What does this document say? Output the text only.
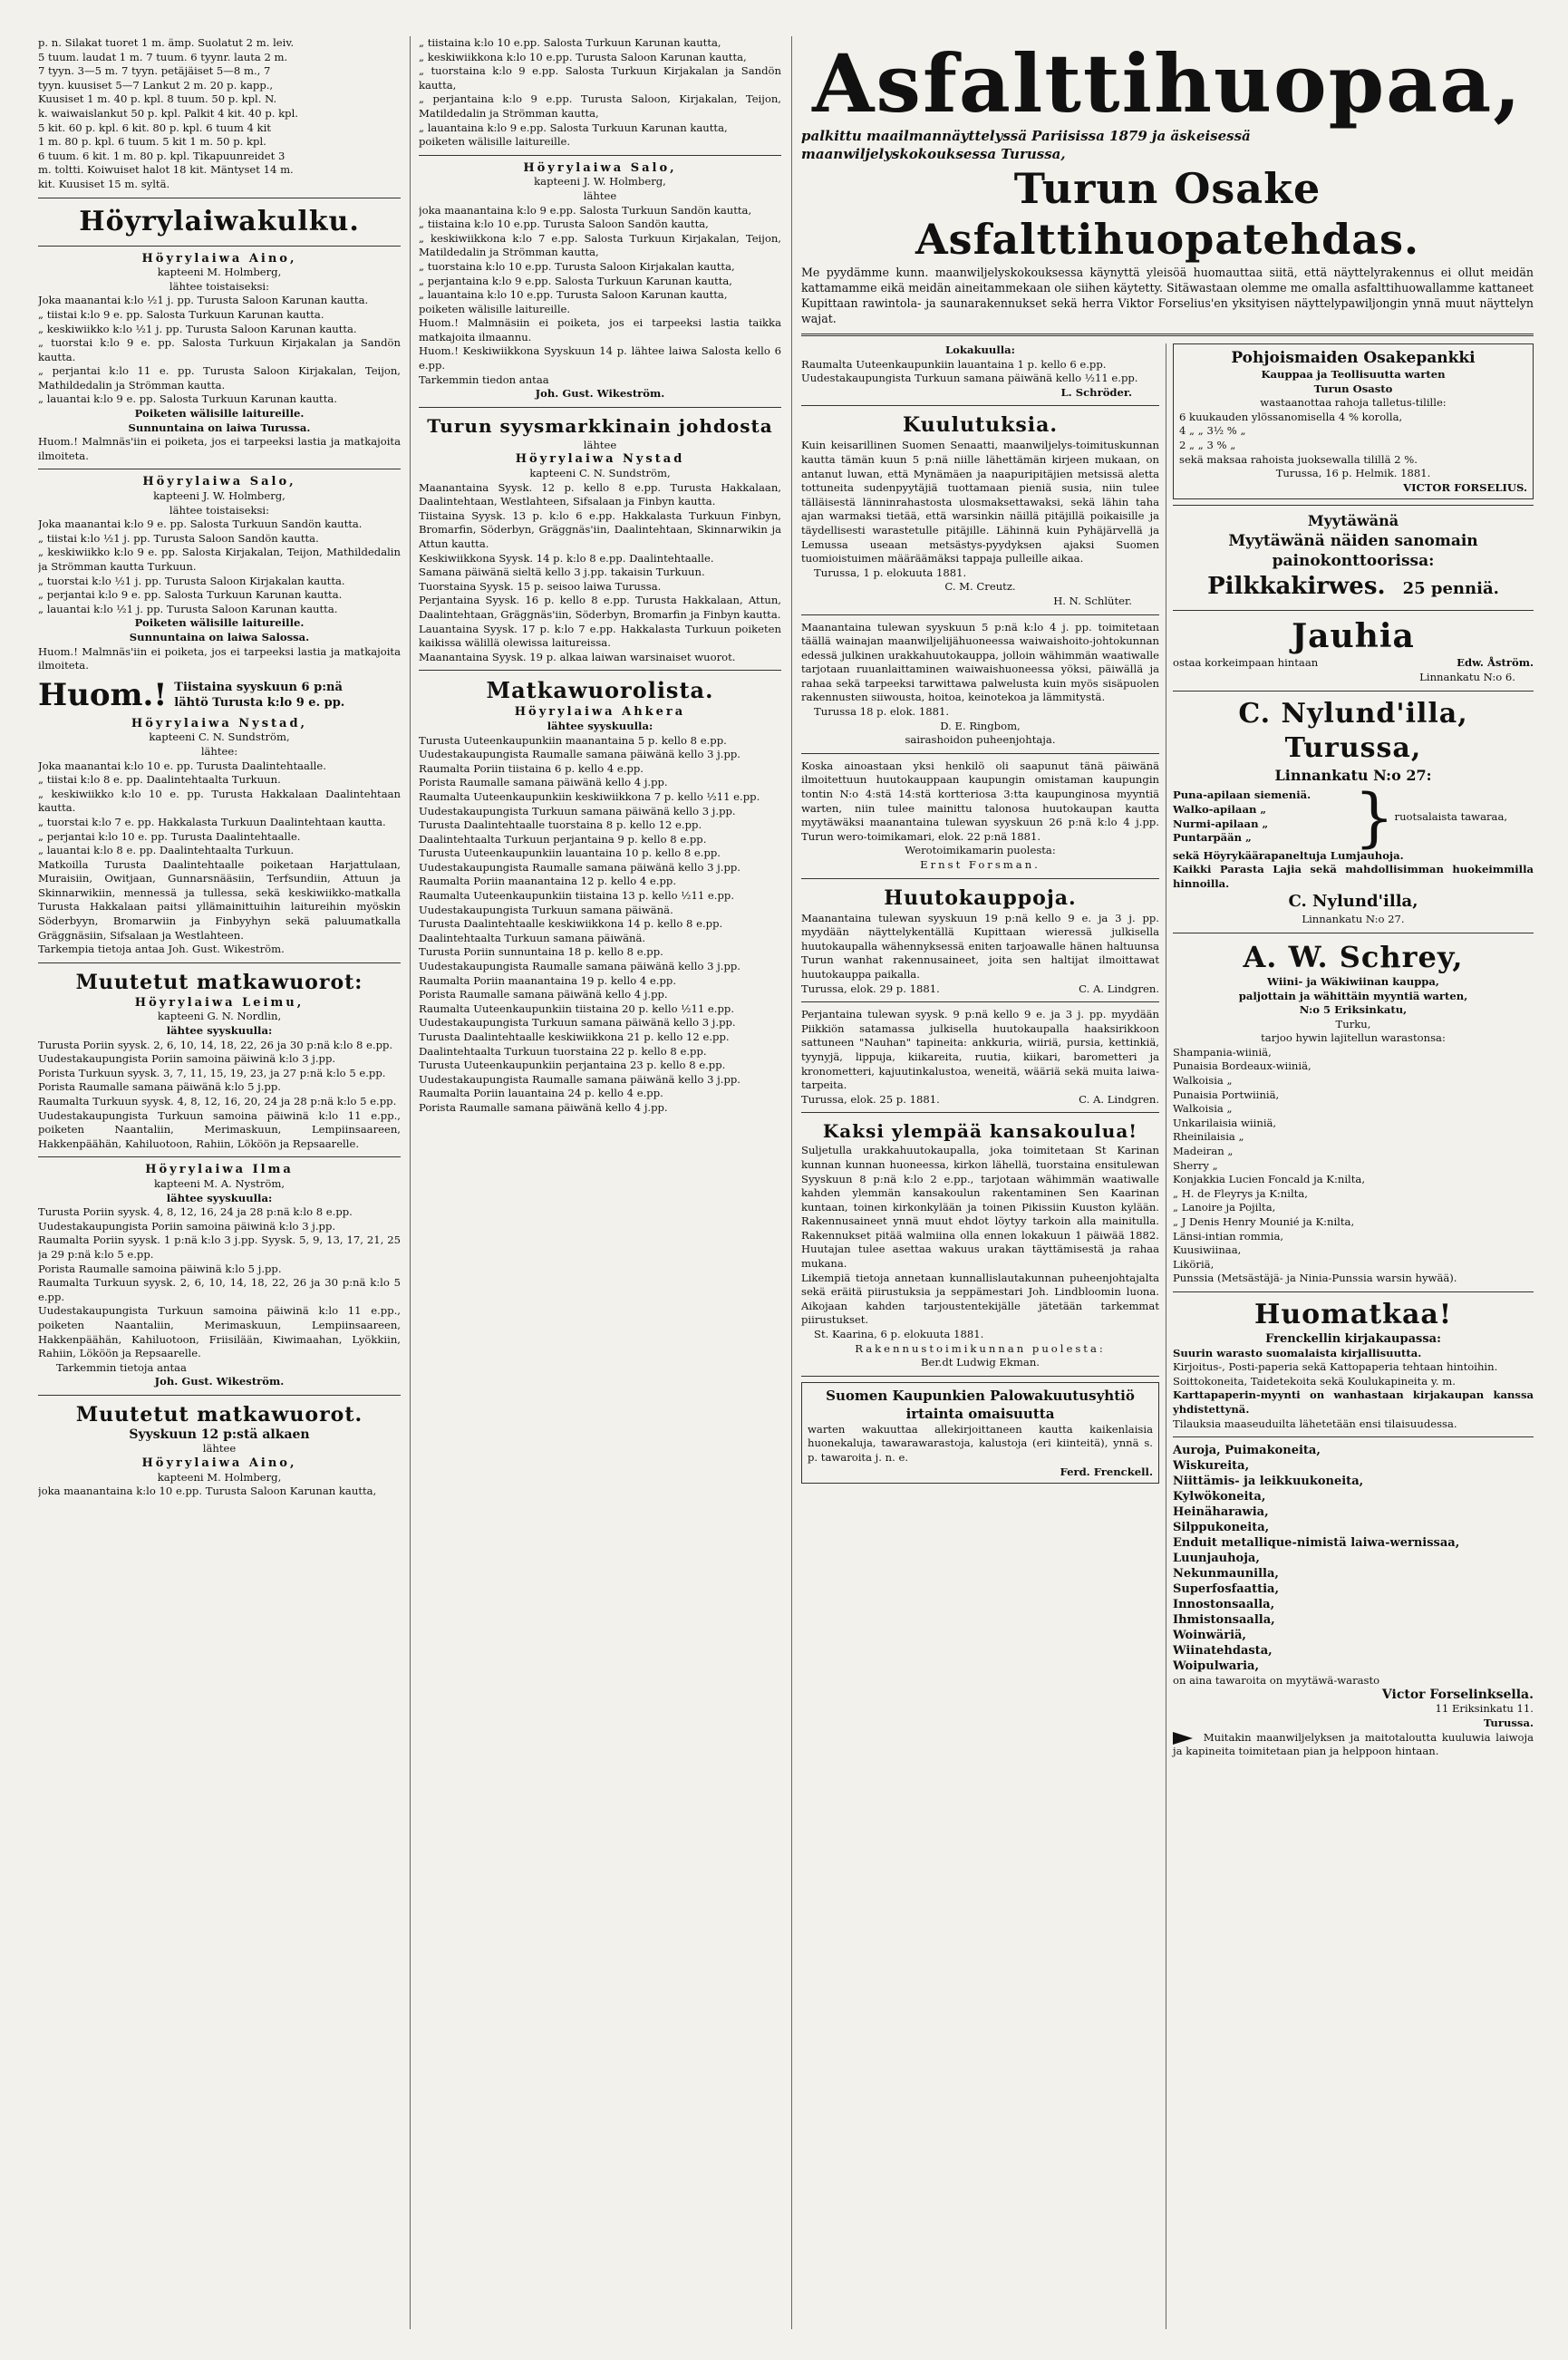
p. n. Silakat tuoret 1 m. ämp. Suolatut 2 m. leiv.
5 tuum. laudat 1 m. 7 tuum. 6 tyynr. lauta 2 m.
7 tyyn. 3—5 m. 7 tyyn. petäjäiset 5—8 m., 7
tyyn. kuusiset 5—7 Lankut 2 m. 20 p. kapp.,
Kuusiset 1 m. 40 p. kpl. 8 tuum. 50 p. kpl. N.
k. waiwaislankut 50 p. kpl. Palkit 4 kit. 40 p. kpl.
5 kit. 60 p. kpl. 6 kit. 80 p. kpl. 6 tuum 4 kit
1 m. 80 p. kpl. 6 tuum. 5 kit 1 m. 50 p. kpl.
6 tuum. 6 kit. 1 m. 80 p. kpl. Tikapuunreidet 3
m. toltti. Koiwuiset halot 18 kit. Mäntyset 14 m.
kit. Kuusiset 15 m. syltä.
Höyrylaiwakulku.
Höyrylaiwa Aino,
kapteeni M. Holmberg,
lähtee toistaiseksi:
Joka maanantai k:lo ½1 j. pp. Turusta Saloon Karunan kautta.
„ tiistai k:lo 9 e. pp. Salosta Turkuun Karunan kautta.
„ keskiwiikko k:lo ½1 j. pp. Turusta Saloon Karunan kautta.
„ tuorstai k:lo 9 e. pp. Salosta Turkuun Kirjakalan ja Sandön kautta.
„ perjantai k:lo 11 e. pp. Turusta Saloon Kirjakalan, Teijon, Mathildedalin ja Strömman kautta.
„ lauantai k:lo 9 e. pp. Salosta Turkuun Karunan kautta.
Poiketen wälisille laitureille.
Sunnuntaina on laiwa Turussa.
Huom.! Malmnäs'iin ei poiketa, jos ei tarpeeksi lastia ja matkajoita ilmoiteta.
Höyrylaiwa Salo,
kapteeni J. W. Holmberg,
lähtee toistaiseksi:
Joka maanantai k:lo 9 e. pp. Salosta Turkuun Sandön kautta.
„ tiistai k:lo ½1 j. pp. Turusta Saloon Sandön kautta.
„ keskiwiikko k:lo 9 e. pp. Salosta Kirjakalan, Teijon, Mathildedalin ja Strömman kautta Turkuun.
„ tuorstai k:lo ½1 j. pp. Turusta Saloon Kirjakalan kautta.
„ perjantai k:lo 9 e. pp. Salosta Turkuun Karunan kautta.
„ lauantai k:lo ½1 j. pp. Turusta Saloon Karunan kautta.
Poiketen wälisille laitureille.
Sunnuntaina on laiwa Salossa.
Huom.! Malmnäs'iin ei poiketa, jos ei tarpeeksi lastia ja matkajoita ilmoiteta.
Huom.! Tiistaina syyskuun 6 p:nä
lähtö Turusta k:lo 9 e. pp.
Höyrylaiwa Nystad,
kapteeni C. N. Sundström,
lähtee:
Joka maanantai k:lo 10 e. pp. Turusta Daalintehtaalle.
„ tiistai k:lo 8 e. pp. Daalintehtaalta Turkuun.
„ keskiwiikko k:lo 10 e. pp. Turusta Hakkalaan Daalintehtaan kautta.
„ tuorstai k:lo 7 e. pp. Hakkalasta Turkuun Daalintehtaan kautta.
„ perjantai k:lo 10 e. pp. Turusta Daalintehtaalle.
„ lauantai k:lo 8 e. pp. Daalintehtaalta Turkuun.
Matkoilla Turusta Daalintehtaalle poiketaan Harjattulaan, Muraisiin, Owitjaan, Gunnarsnääsiin, Terfsundiin, Attuun ja Skinnarwikiin, mennessä ja tullessa, sekä keskiwiikko-matkalla Turusta Hakkalaan paitsi yllämainittuihin laitureihin myöskin Söderbyyn, Bromarwiin ja Finbyyhyn sekä paluumatkalla Gräggnäsiin, Sifsalaan ja Westlahteen.
Tarkempia tietoja antaa Joh. Gust. Wikeström.
Muutetut matkawuorot:
Höyrylaiwa Leimu,
kapteeni G. N. Nordlin,
lähtee syyskuulla:
Turusta Poriin syysk. 2, 6, 10, 14, 18, 22, 26 ja 30 p:nä k:lo 8 e.pp.
Uudestakaupungista Poriin samoina päiwinä k:lo 3 j.pp.
Porista Turkuun syysk. 3, 7, 11, 15, 19, 23, ja 27 p:nä k:lo 5 e.pp.
Porista Raumalle samana päiwänä k:lo 5 j.pp.
Raumalta Turkuun syysk. 4, 8, 12, 16, 20, 24 ja 28 p:nä k:lo 5 e.pp.
Uudestakaupungista Turkuun samoina päiwinä k:lo 11 e.pp., poiketen Naantaliin, Merimaskuun, Lempiinsaareen, Hakkenpäähän, Kahiluotoon, Rahiin, Lököön ja Repsaarelle.
Höyrylaiwa Ilma
kapteeni M. A. Nyström,
lähtee syyskuulla:
Turusta Poriin syysk. 4, 8, 12, 16, 24 ja 28 p:nä k:lo 8 e.pp.
Uudestakaupungista Poriin samoina päiwinä k:lo 3 j.pp.
Raumalta Poriin syysk. 1 p:nä k:lo 3 j.pp. Syysk. 5, 9, 13, 17, 21, 25 ja 29 p:nä k:lo 5 e.pp.
Porista Raumalle samoina päiwinä k:lo 5 j.pp.
Raumalta Turkuun syysk. 2, 6, 10, 14, 18, 22, 26 ja 30 p:nä k:lo 5 e.pp.
Uudestakaupungista Turkuun samoina päiwinä k:lo 11 e.pp., poiketen Naantaliin, Merimaskuun, Lempiinsaareen, Hakkenpäähän, Kahiluotoon, Friisilään, Kiwimaahan, Lyökkiin, Rahiin, Lököön ja Repsaarelle.
Tarkemmin tietoja antaa
Joh. Gust. Wikeström.
Muutetut matkawuorot.
Syyskuun 12 p:stä alkaen
lähtee
Höyrylaiwa Aino,
kapteeni M. Holmberg,
joka maanantaina k:lo 10 e.pp. Turusta Saloon Karunan kautta,
„ tiistaina k:lo 10 e.pp. Salosta Turkuun Karunan kautta,
„ keskiwiikkona k:lo 10 e.pp. Turusta Saloon Karunan kautta,
„ tuorstaina k:lo 9 e.pp. Salosta Turkuun Kirjakalan ja Sandön kautta,
„ perjantaina k:lo 9 e.pp. Turusta Saloon, Kirjakalan, Teijon, Matildedalin ja Strömman kautta,
„ lauantaina k:lo 9 e.pp. Salosta Turkuun Karunan kautta,
poiketen wälisille laitureille.
Höyrylaiwa Salo,
kapteeni J. W. Holmberg,
lähtee
joka maanantaina k:lo 9 e.pp. Salosta Turkuun Sandön kautta,
„ tiistaina k:lo 10 e.pp. Turusta Saloon Sandön kautta,
„ keskiwiikkona k:lo 7 e.pp. Salosta Turkuun Kirjakalan, Teijon, Matildedalin ja Strömman kautta,
„ tuorstaina k:lo 10 e.pp. Turusta Saloon Kirjakalan kautta,
„ perjantaina k:lo 9 e.pp. Salosta Turkuun Karunan kautta,
„ lauantaina k:lo 10 e.pp. Turusta Saloon Karunan kautta,
poiketen wälisille laitureille.
Huom.! Malmnäsiin ei poiketa, jos ei tarpeeksi lastia taikka matkajoita ilmaannu.
Huom.! Keskiwiikkona Syyskuun 14 p. lähtee laiwa Salosta kello 6 e.pp.
Tarkemmin tiedon antaa
Joh. Gust. Wikeström.
Turun syysmarkkinain johdosta
lähtee
Höyrylaiwa Nystad
kapteeni C. N. Sundström,
Maanantaina Syysk. 12 p. kello 8 e.pp. Turusta Hakkalaan, Daalintehtaan, Westlahteen, Sifsalaan ja Finbyn kautta.
Tiistaina Syysk. 13 p. k:lo 6 e.pp. Hakkalasta Turkuun Finbyn, Bromarfin, Söderbyn, Gräggnäs'iin, Daalintehtaan, Skinnarwikin ja Attun kautta.
Keskiwiikkona Syysk. 14 p. k:lo 8 e.pp. Daalintehtaalle.
Samana päiwänä sieltä kello 3 j.pp. takaisin Turkuun.
Tuorstaina Syysk. 15 p. seisoo laiwa Turussa.
Perjantaina Syysk. 16 p. kello 8 e.pp. Turusta Hakkalaan, Attun, Daalintehtaan, Gräggnäs'iin, Söderbyn, Bromarfin ja Finbyn kautta.
Lauantaina Syysk. 17 p. k:lo 7 e.pp. Hakkalasta Turkuun poiketen kaikissa wälillä olewissa laitureissa.
Maanantaina Syysk. 19 p. alkaa laiwan warsinaiset wuorot.
Matkawuorolista.
Höyrylaiwa Ahkera
lähtee syyskuulla:
Turusta Uuteenkaupunkiin maanantaina 5 p. kello 8 e.pp.
Uudestakaupungista Raumalle samana päiwänä kello 3 j.pp.
Raumalta Poriin tiistaina 6 p. kello 4 e.pp.
Porista Raumalle samana päiwänä kello 4 j.pp.
Raumalta Uuteenkaupunkiin keskiwiikkona 7 p. kello ½11 e.pp.
Uudestakaupungista Turkuun samana päiwänä kello 3 j.pp.
Turusta Daalintehtaalle tuorstaina 8 p. kello 12 e.pp.
Daalintehtaalta Turkuun perjantaina 9 p. kello 8 e.pp.
Turusta Uuteenkaupunkiin lauantaina 10 p. kello 8 e.pp.
Uudestakaupungista Raumalle samana päiwänä kello 3 j.pp.
Raumalta Poriin maanantaina 12 p. kello 4 e.pp.
Raumalta Uuteenkaupunkiin tiistaina 13 p. kello ½11 e.pp.
Uudestakaupungista Turkuun samana päiwänä.
Turusta Daalintehtaalle keskiwiikkona 14 p. kello 8 e.pp.
Daalintehtaalta Turkuun samana päiwänä.
Turusta Poriin sunnuntaina 18 p. kello 8 e.pp.
Uudestakaupungista Raumalle samana päiwänä kello 3 j.pp.
Raumalta Poriin maanantaina 19 p. kello 4 e.pp.
Porista Raumalle samana päiwänä kello 4 j.pp.
Raumalta Uuteenkaupunkiin tiistaina 20 p. kello ½11 e.pp.
Uudestakaupungista Turkuun samana päiwänä kello 3 j.pp.
Turusta Daalintehtaalle keskiwiikkona 21 p. kello 12 e.pp.
Daalintehtaalta Turkuun tuorstaina 22 p. kello 8 e.pp.
Turusta Uuteenkaupunkiin perjantaina 23 p. kello 8 e.pp.
Uudestakaupungista Raumalle samana päiwänä kello 3 j.pp.
Raumalta Poriin lauantaina 24 p. kello 4 e.pp.
Porista Raumalle samana päiwänä kello 4 j.pp.
Asfalttihuopaa,
palkittu maailmannäyttelyssä Pariisissa 1879 ja äskeisessä
maanwiljelyskokouksessa Turussa,
Turun Osake Asfalttihuopatehdas.
Me pyydämme kunn. maanwiljelyskokouksessa käynyttä yleisöä huomauttaa siitä, että näyttelyrakennus ei ollut meidän kattamamme eikä meidän aineitammekaan ole siihen käytetty. Sitäwastaan olemme me omalla asfalttihuowallamme kattaneet Kupittaan rawintola- ja saunarakennukset sekä herra Viktor Forselius'en yksityisen näyttelypawiljongin ynnä muut näyttelyn wajat.
Lokakuulla:
Raumalta Uuteenkaupunkiin lauantaina 1 p. kello 6 e.pp.
Uudestakaupungista Turkuun samana päiwänä kello ½11 e.pp.
L. Schröder.
Kuulutuksia.
Kuin keisarillinen Suomen Senaatti, maanwiljelys-toimituskunnan kautta tämän kuun 5 p:nä niille lähettämän kirjeen mukaan, on antanut luwan, että Mynämäen ja naapuripitäjien metsissä aletta tottuneita sudenpyytäjiä tuottamaan pieniä susia, niin tulee tälläisestä länninrahastosta ulosmaksettawaksi, sekä lähin taha ajan warmaksi tietää, että warsinkin näillä pitäjillä poikaisille ja täydellisesti warastetulle pitäjille. Lähinnä kuin Pyhäjärvellä ja Lemussa useaan metsästys-pyydyksen ajaksi Suomen tuomioistuimen määräämäksi tappaja pulleille aikaa.
Turussa, 1 p. elokuuta 1881.
C. M. Creutz.
H. N. Schlüter.
Maanantaina tulewan syyskuun 5 p:nä k:lo 4 j. pp. toimitetaan täällä wainajan maanwiljelijähuoneessa waiwaishoito-johtokunnan edessä julkinen urakkahuutokauppa, jolloin wähimmän waatiwalle tarjotaan ruuanlaittaminen waiwaishuoneessa yöksi, päiwällä ja rahaa sekä tarpeeksi tarwittawa palwelusta kuin myös sisäpuolen rakennusten siiwousta, hoitoa, keinotekoa ja lämmitystä.
Turussa 18 p. elok. 1881.
D. E. Ringbom,
sairashoidon puheenjohtaja.
Koska ainoastaan yksi henkilö oli saapunut tänä päiwänä ilmoitettuun huutokauppaan kaupungin omistaman kaupungin tontin N:o 4:stä 14:stä kortteriosa 3:tta kaupunginosa myyntiä warten, niin tulee mainittu talonosa huutokaupan kautta myytäwäksi maanantaina tulewan syyskuun 26 p:nä k:lo 4 j.pp. Turun wero-toimikamari, elok. 22 p:nä 1881.
Werotoimikamarin puolesta:
Ernst Forsman.
Huutokauppoja.
Maanantaina tulewan syyskuun 19 p:nä kello 9 e. ja 3 j. pp. myydään näyttelykentällä Kupittaan wieressä julkisella huutokaupalla wähennyksessä eniten tarjoawalle hänen haltuunsa Turun wanhat rakennusaineet, joita sen haltijat ilmoittawat huutokauppa paikalla.
Turussa, elok. 29 p. 1881.	C. A. Lindgren.
Perjantaina tulewan syysk. 9 p:nä kello 9 e. ja 3 j. pp. myydään Piikkiön satamassa julkisella huutokaupalla haaksirikkoon sattuneen "Nauhan" tapineita: ankkuria, wiiriä, pursia, kettinkiä, tyynyjä, lippuja, kiikareita, ruutia, kiikari, barometteri ja kronometteri, kajuutinkalustoa, weneitä, wääriä sekä muita laiwa-tarpeita.
Turussa, elok. 25 p. 1881.	C. A. Lindgren.
Kaksi ylempää kansakoulua!
Suljetulla urakkahuutokaupalla, joka toimitetaan St Karinan kunnan kunnan huoneessa, kirkon lähellä, tuorstaina ensitulewan Syyskuun 8 p:nä k:lo 2 e.pp., tarjotaan wähimmän waatiwalle kahden ylemmän kansakoulun rakentaminen Sen Kaarinan kuntaan, toinen kirkonkylään ja toinen Pikissiin Kuuston kylään. Rakennusaineet ynnä muut ehdot löytyy tarkoin alla mainitulla. Rakennukset pitää walmiina olla ennen lokakuun 1 päiwää 1882. Huutajan tulee asettaa wakuus urakan täyttämisestä ja rahaa mukana.
Likempiä tietoja annetaan kunnallislautakunnan puheenjohtajalta sekä eräitä piirustuksia ja seppämestari Joh. Lindbloomin luona. Aikojaan kahden tarjoustentekijälle jätetään tarkemmat piirustukset.
St. Kaarina, 6 p. elokuuta 1881.
Rakennustoimikunnan puolesta:
Ber.dt Ludwig Ekman.
Suomen Kaupunkien Palowakuutusyhtiö irtainta omaisuutta
warten wakuuttaa allekirjoittaneen kautta kaikenlaisia huonekaluja, tawarawarastoja, kalustoja (eri kiinteitä), ynnä s. p. tawaroita j. n. e.
Ferd. Frenckell.
Pohjoismaiden Osakepankki
Kauppaa ja Teollisuutta warten
Turun Osasto
wastaanottaa rahoja talletus-tilille:
6 kuukauden ylössanomisella 4 % korolla,
4 „ „ 3½ % „
2 „ „ 3 % „
sekä maksaa rahoista juoksewalla tilillä 2 %.
Turussa, 16 p. Helmik. 1881.
VICTOR FORSELIUS.
Myytäwänä
Myytäwänä näiden sanomain
painokonttoorissa:
Pilkkakirwes. 25 penniä.
Jauhia
ostaa korkeimpaan hintaan	Edw. Åström.
Linnankatu N:o 6.
C. Nylund'illa, Turussa,
Linnankatu N:o 27:
Puna-apilaan siemeniä.
Walko-apilaan „
Nurmi-apilaan „
Puntarpään „	} ruotsalaista tawaraa,
sekä Höyrykäärapaneltuja Lumjauhoja.
Kaikki Parasta Lajia sekä mahdollisimman huokeimmilla hinnoilla.
C. Nylund'illa,
Linnankatu N:o 27.
A. W. Schrey,
Wiini- ja Wäkiwiinan kauppa,
paljottain ja wähittäin myyntiä warten,
N:o 5 Eriksinkatu,
Turku,
tarjoo hywin lajitellun warastonsa:
Shampania-wiiniä,
Punaisia Bordeaux-wiiniä,
Walkoisia „
Punaisia Portwiiniä,
Walkoisia „
Unkarilaisia wiiniä,
Rheinilaisia „
Madeiran „
Sherry „
Konjakkia Lucien Foncald ja K:nilta,
„ H. de Fleyrys ja K:nilta,
„ Lanoire ja Pojilta,
„ J Denis Henry Mounié ja K:nilta,
Länsi-intian rommia,
Kuusiwiinaa,
Liköriä,
Punssia (Metsästäjä- ja Ninia-Punssia warsin hywää).
Huomatkaa!
Frenckellin kirjakaupassa:
Suurin warasto suomalaista kirjallisuutta.
Kirjoitus-, Posti-paperia sekä Kattopaperia tehtaan hintoihin.
Soittokoneita, Taidetekoita sekä Koulukapineita y. m.
Karttapaperin-myynti on wanhastaan kirjakaupan kanssa yhdistettynä.
Tilauksia maaseuduilta lähetetään ensi tilaisuudessa.
Auroja, Puimakoneita,
Wiskureita,
Niittämis- ja leikkuukoneita,
Kylwökoneita,
Heinäharawia,
Silppukoneita,
Enduit metallique-nimistä laiwa-wernissaa,
Luunjauhoja,
Nekunmaunilla,
Superfosfaattia,
Innostonsaalla,
Ihmistonsaalla,
Woinwäriä,
Wiinatehdasta,
Woipulwaria,
on aina tawaroita on myytäwä-warasto
Victor Forselinksella.
11 Eriksinkatu 11.
Turussa.
Muitakin maanwiljelyksen ja maitotaloutta kuuluwia laiwoja ja kapineita toimitetaan pian ja helppoon hintaan.
